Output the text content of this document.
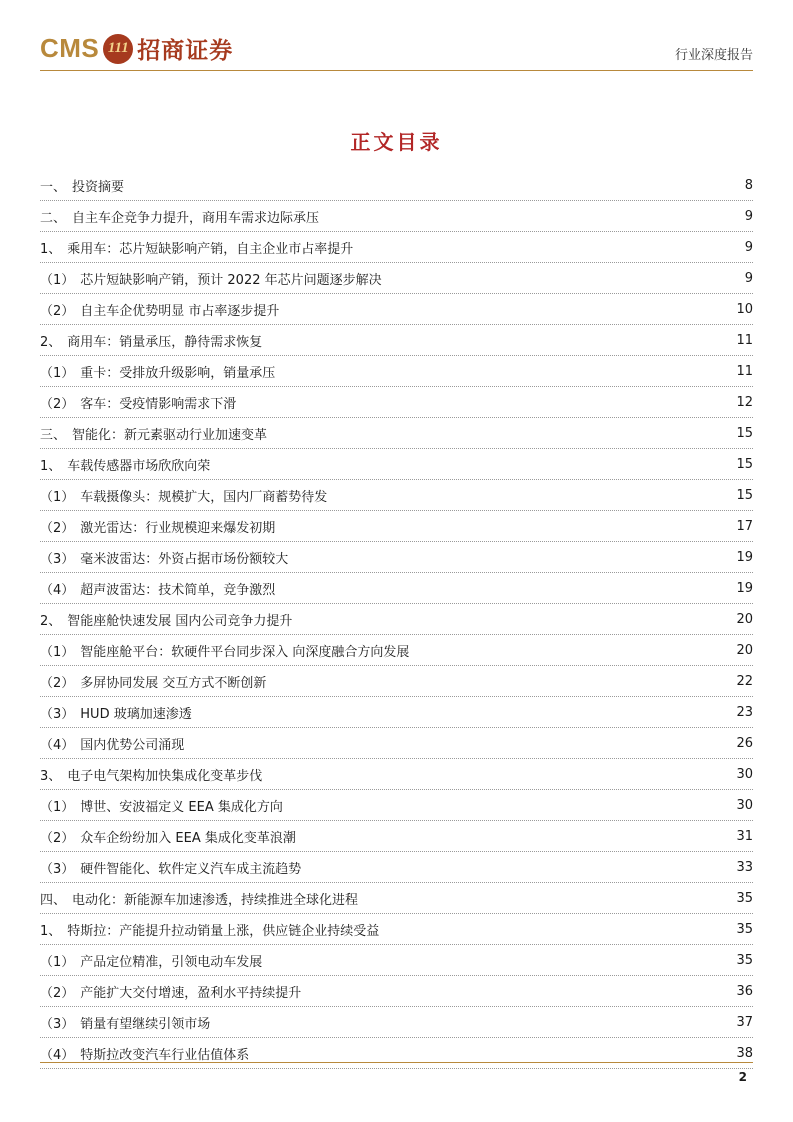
CMS 111 招商证券	行业深度报告
正文目录
一、 投资摘要	8
二、 自主车企竞争力提升，商用车需求边际承压	9
1、 乘用车：芯片短缺影响产销，自主企业市占率提升	9
（1） 芯片短缺影响产销，预计 2022 年芯片问题逐步解决	9
（2） 自主车企优势明显 市占率逐步提升	10
2、 商用车：销量承压，静待需求恢复	11
（1） 重卡：受排放升级影响，销量承压	11
（2） 客车：受疫情影响需求下滑	12
三、 智能化：新元素驱动行业加速变革	15
1、 车载传感器市场欣欣向荣	15
（1） 车载摄像头：规模扩大，国内厂商蓄势待发	15
（2） 激光雷达：行业规模迎来爆发初期	17
（3） 毫米波雷达：外资占据市场份额较大	19
（4） 超声波雷达：技术简单，竞争激烈	19
2、 智能座舱快速发展 国内公司竞争力提升	20
（1） 智能座舱平台：软硬件平台同步深入 向深度融合方向发展	20
（2） 多屏协同发展 交互方式不断创新	22
（3） HUD 玻璃加速渗透	23
（4） 国内优势公司涌现	26
3、 电子电气架构加快集成化变革步伐	30
（1） 博世、安波福定义 EEA 集成化方向	30
（2） 众车企纷纷加入 EEA 集成化变革浪潮	31
（3） 硬件智能化、软件定义汽车成主流趋势	33
四、 电动化：新能源车加速渗透，持续推进全球化进程	35
1、 特斯拉：产能提升拉动销量上涨，供应链企业持续受益	35
（1） 产品定位精准，引领电动车发展	35
（2） 产能扩大交付增速，盈利水平持续提升	36
（3） 销量有望继续引领市场	37
（4） 特斯拉改变汽车行业估值体系	38
2
